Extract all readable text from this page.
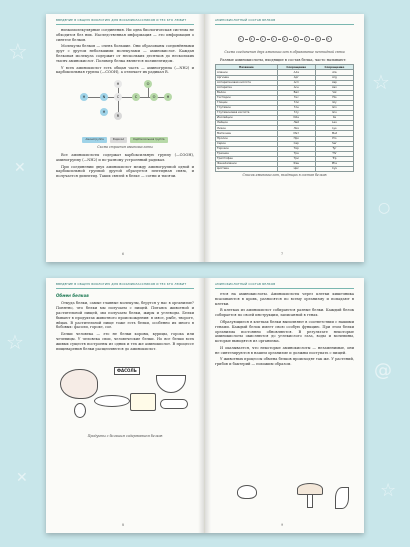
☆
☆
✕
○
☆
@
☆
✕
ВВЕДЕНИЕ В ОБЩУЮ БИОЛОГИЮ ДЛЯ ВОСЬМИКЛАССНИКОВ И ТЕХ КТО ЛЮБИТ

низкомолекулярные соединения. Ни одна биологическая система не обходится без них. Наследственная информация — это информация о синтезе белков.

Молекулы белков — очень большие. Они образованы соединёнными друг с другом небольшими молекулами — аминокислот. Каждая белковая молекула содержит от нескольких десятков до нескольких тысяч аминокислот. Полимер белка является полипептидом.

У всех аминокислот есть общая часть — аминогруппа (—NH2) и карбоксильная группа (—COOH), а отличает их радикал R.

H	N
H
C
H
R
C
O
O	H
Аминогруппа	Радикал	Карбоксильная группа
Схема строения аминокислоты

Все аминокислоты содержат карбоксильную группу (—COOH), аминогруппу (—NH2) и по-разному устроенный радикал.

При соединении двух аминокислот между аминогруппой одной и карбоксильной группой другой образуется пептидная связь, и получается дипептид. Таких связей в белке — сотни и тысячи.

6
АМИНОКИСЛОТНЫЙ СОСТАВ БЕЛКОВ
H	N	C	C	N	C	C	O	H
Схема соединения двух аминокислот в образование пептидной связи

Разные аминокислоты, входящие в состав белка, часто называют:

Название	Сокращение	Сокращение
Аланин	Ала	Ala
Аргинин	Арг	Arg
Аспарагиновая кислота	Асп	Asp
Аспарагин	Асн	Asn
Валин	Вал	Val
Гистидин	Гис	His
Глицин	Гли	Gly
Глутамин	Глн	Gln
Глутаминовая кислота	Глу	Glu
Изолейцин	Иле	Ile
Лейцин	Лей	Leu
Лизин	Лиз	Lys
Метионин	Мет	Met
Пролин	Про	Pro
Серин	Сер	Ser
Тирозин	Тир	Tyr
Треонин	Тре	Thr
Триптофан	Три	Trp
Фенилаланин	Фен	Phe
Цистеин	Цис	Cys
Список аминокислот, входящих в состав белков
7
ВВЕДЕНИЕ В ОБЩУЮ БИОЛОГИЮ ДЛЯ ВОСЬМИКЛАССНИКОВ И ТЕХ КТО ЛЮБИТ
Обмен белков

Откуда белки, самые главные молекулы, берутся у нас в организме? Понятно, что белки мы получаем с пищей. Питаясь животной и растительной пищей, мы получаем белки, жиры и углеводы. Белки бывают в продуктах животного происхождения: в мясе, рыбе, твороге, яйцах. В растительной пище тоже есть белки, особенно их много в бобовых: фасоли, горохе, сое.

Белки человека — это не белки коровы, курицы, гороха или чечевицы. У человека свои, человеческие белки. Но все белки всех живых существ построены из одних и тех же аминокислот. В процессе пищеварения белки расщепляются до аминокислот.

ФАСОЛЬ
Продукты с большим содержанием белков
8
АМИНОКИСЛОТНЫЙ СОСТАВ БЕЛКОВ

ется на аминокислоты. Аминокислоты через клетки кишечника всасываются в кровь, разносятся по всему организму и попадают в клетки.

В клетках из аминокислот собираются разные белки. Каждый белок собирается по своей инструкции, записанной в генах.

Образующиеся в клетках белки выполняют в соответствии с нашими генами. Каждый белок имеет свою особую функцию. При этом белки организма постоянно обновляются. В результате некоторые аминокислоты окисляются до углекислого газа, воды и мочевины, которые выводятся из организма.

И оказывается, что некоторые аминокислоты — незаменимые, они не синтезируются в нашем организме и должны поступать с пищей.

У животных процессы обмена белков происходят так же. У растений, грибов и бактерий — похожим образом.

9
